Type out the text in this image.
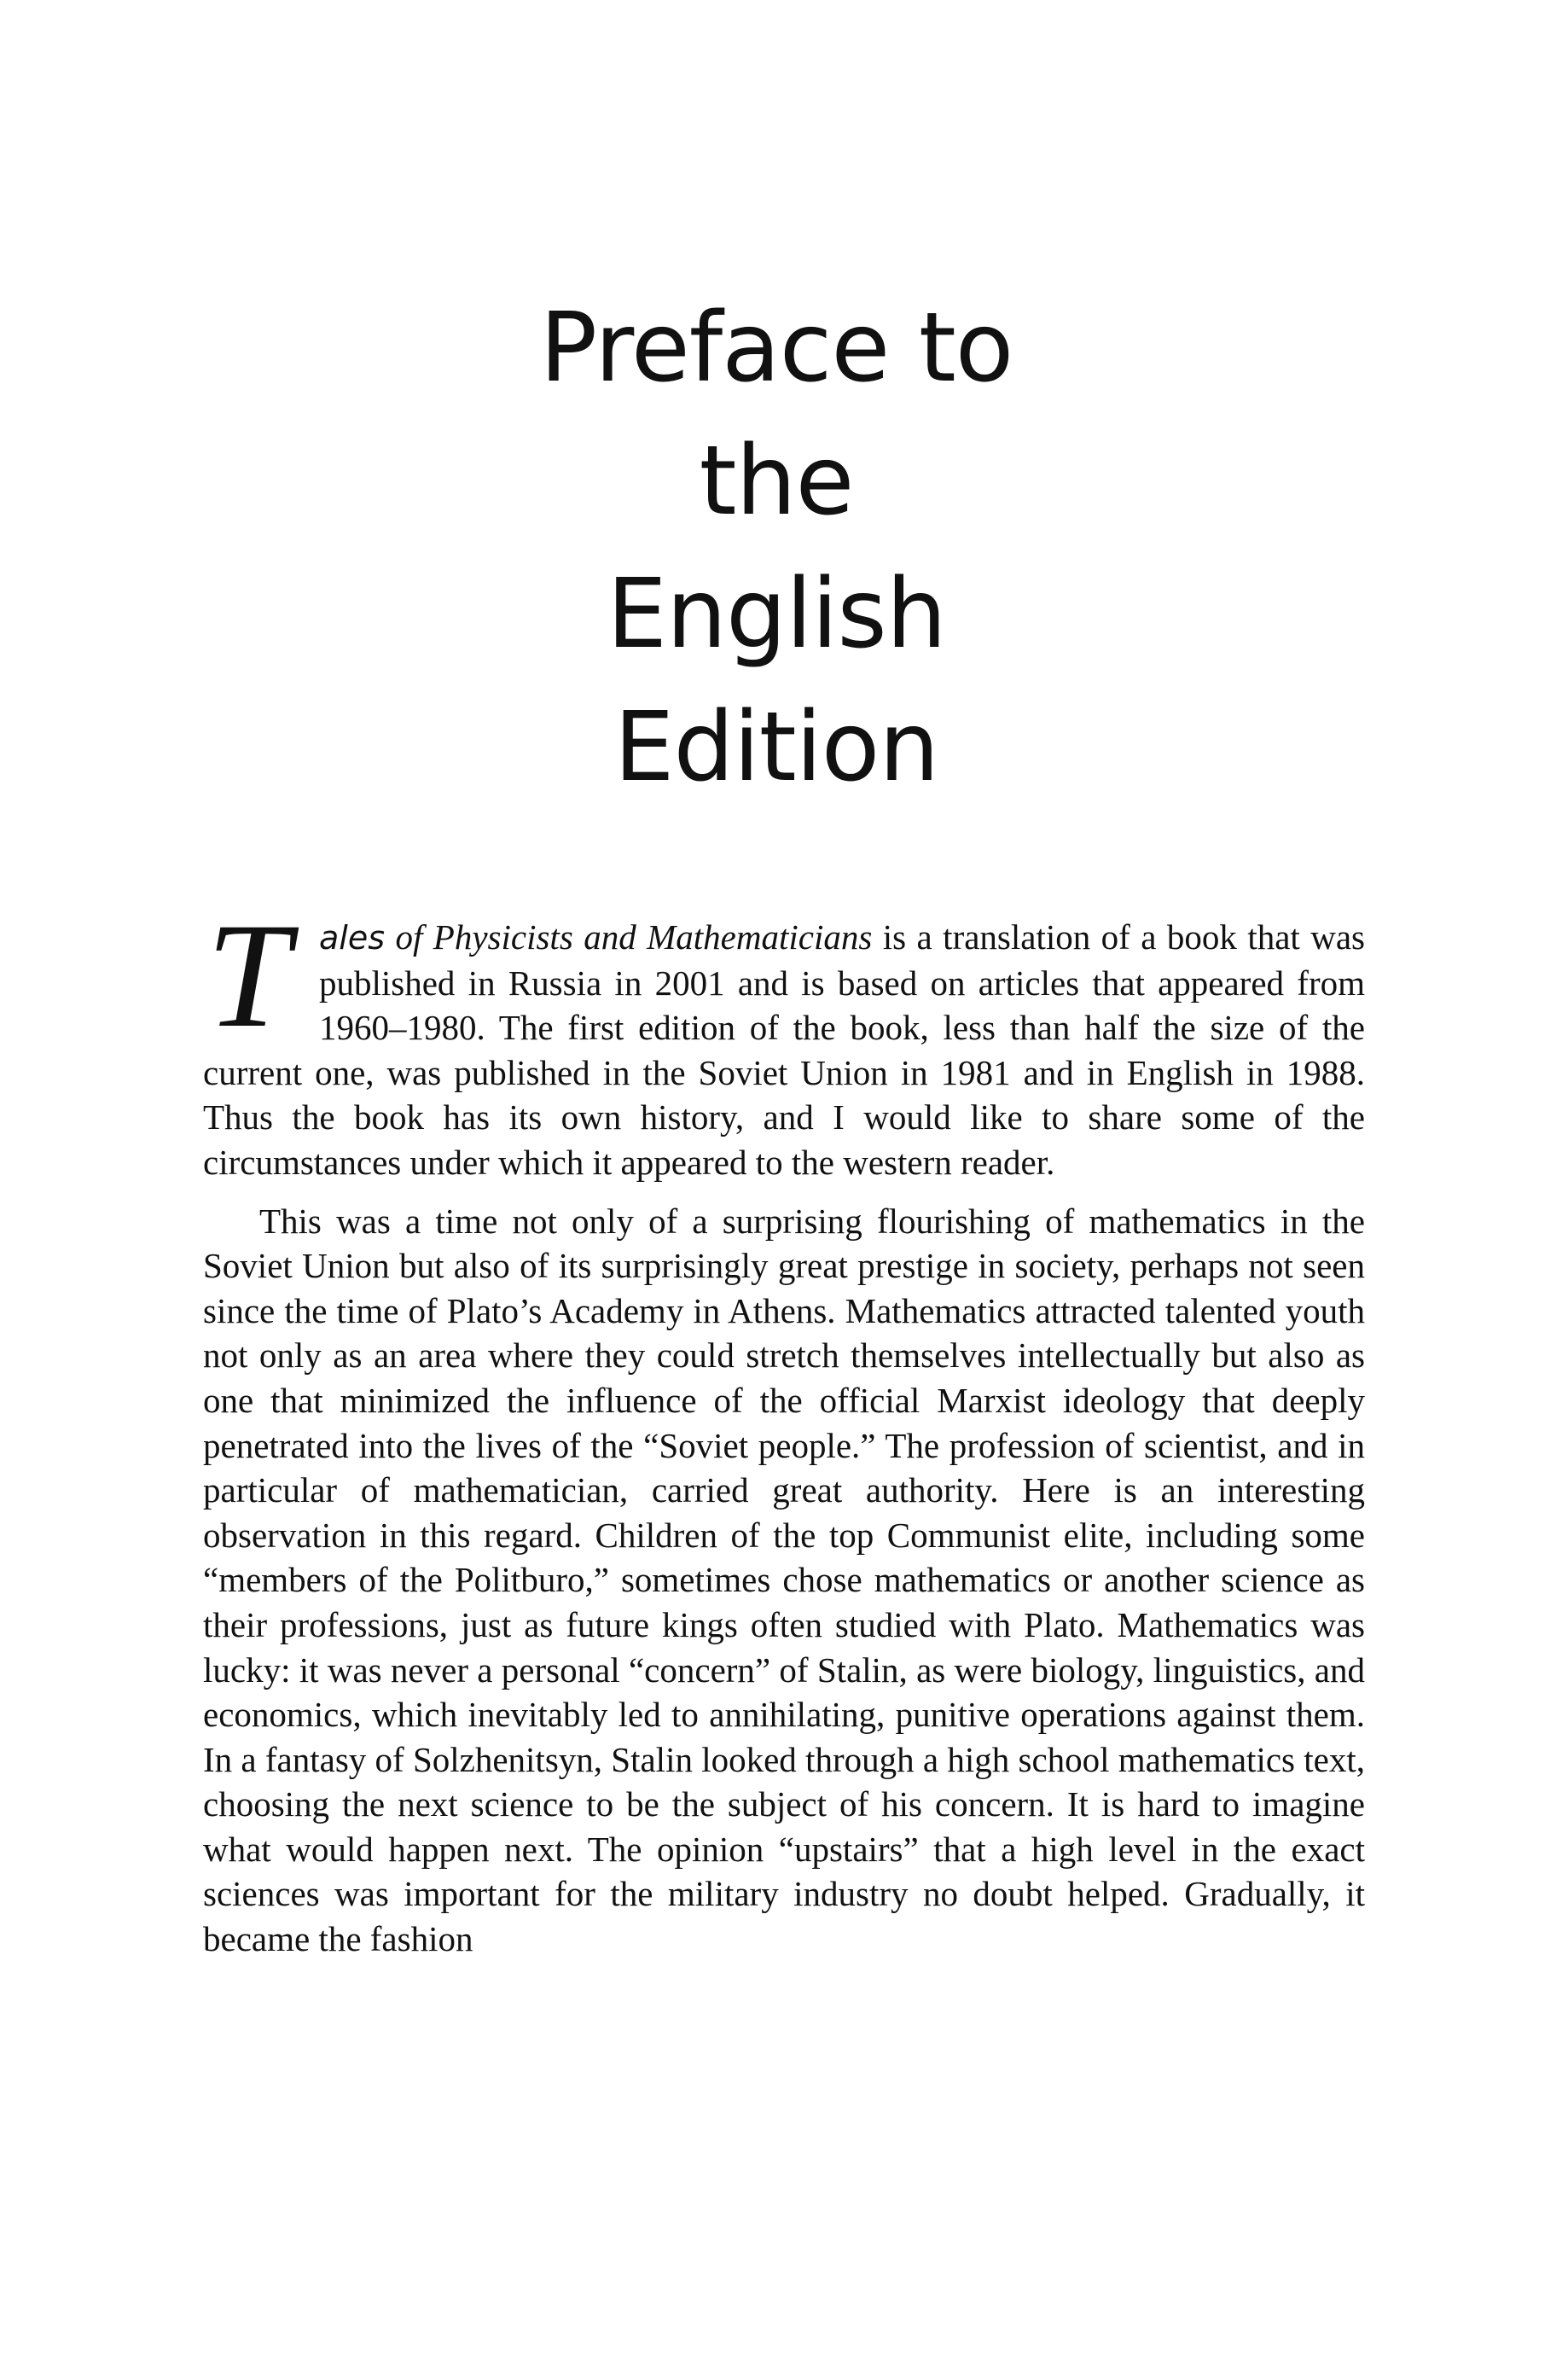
Preface to the
English Edition

Tales of Physicists and Mathematicians is a translation of a book that was published in Russia in 2001 and is based on articles that appeared from 1960–1980. The first edition of the book, less than half the size of the current one, was published in the Soviet Union in 1981 and in English in 1988. Thus the book has its own history, and I would like to share some of the circumstances under which it appeared to the western reader.

This was a time not only of a surprising flourishing of mathematics in the Soviet Union but also of its surprisingly great prestige in society, perhaps not seen since the time of Plato’s Academy in Athens. Mathematics attracted talented youth not only as an area where they could stretch themselves intellectually but also as one that minimized the influence of the official Marxist ideology that deeply penetrated into the lives of the “Soviet people.” The profession of scientist, and in particular of mathematician, carried great authority. Here is an interesting observation in this regard. Children of the top Communist elite, including some “members of the Politburo,” sometimes chose mathematics or another science as their professions, just as future kings often studied with Plato. Mathematics was lucky: it was never a personal “concern” of Stalin, as were biology, linguistics, and economics, which inevitably led to annihilating, punitive operations against them. In a fantasy of Solzhenitsyn, Stalin looked through a high school mathematics text, choosing the next science to be the subject of his concern. It is hard to imagine what would happen next. The opinion “upstairs” that a high level in the exact sciences was important for the military industry no doubt helped. Gradually, it became the fashion
